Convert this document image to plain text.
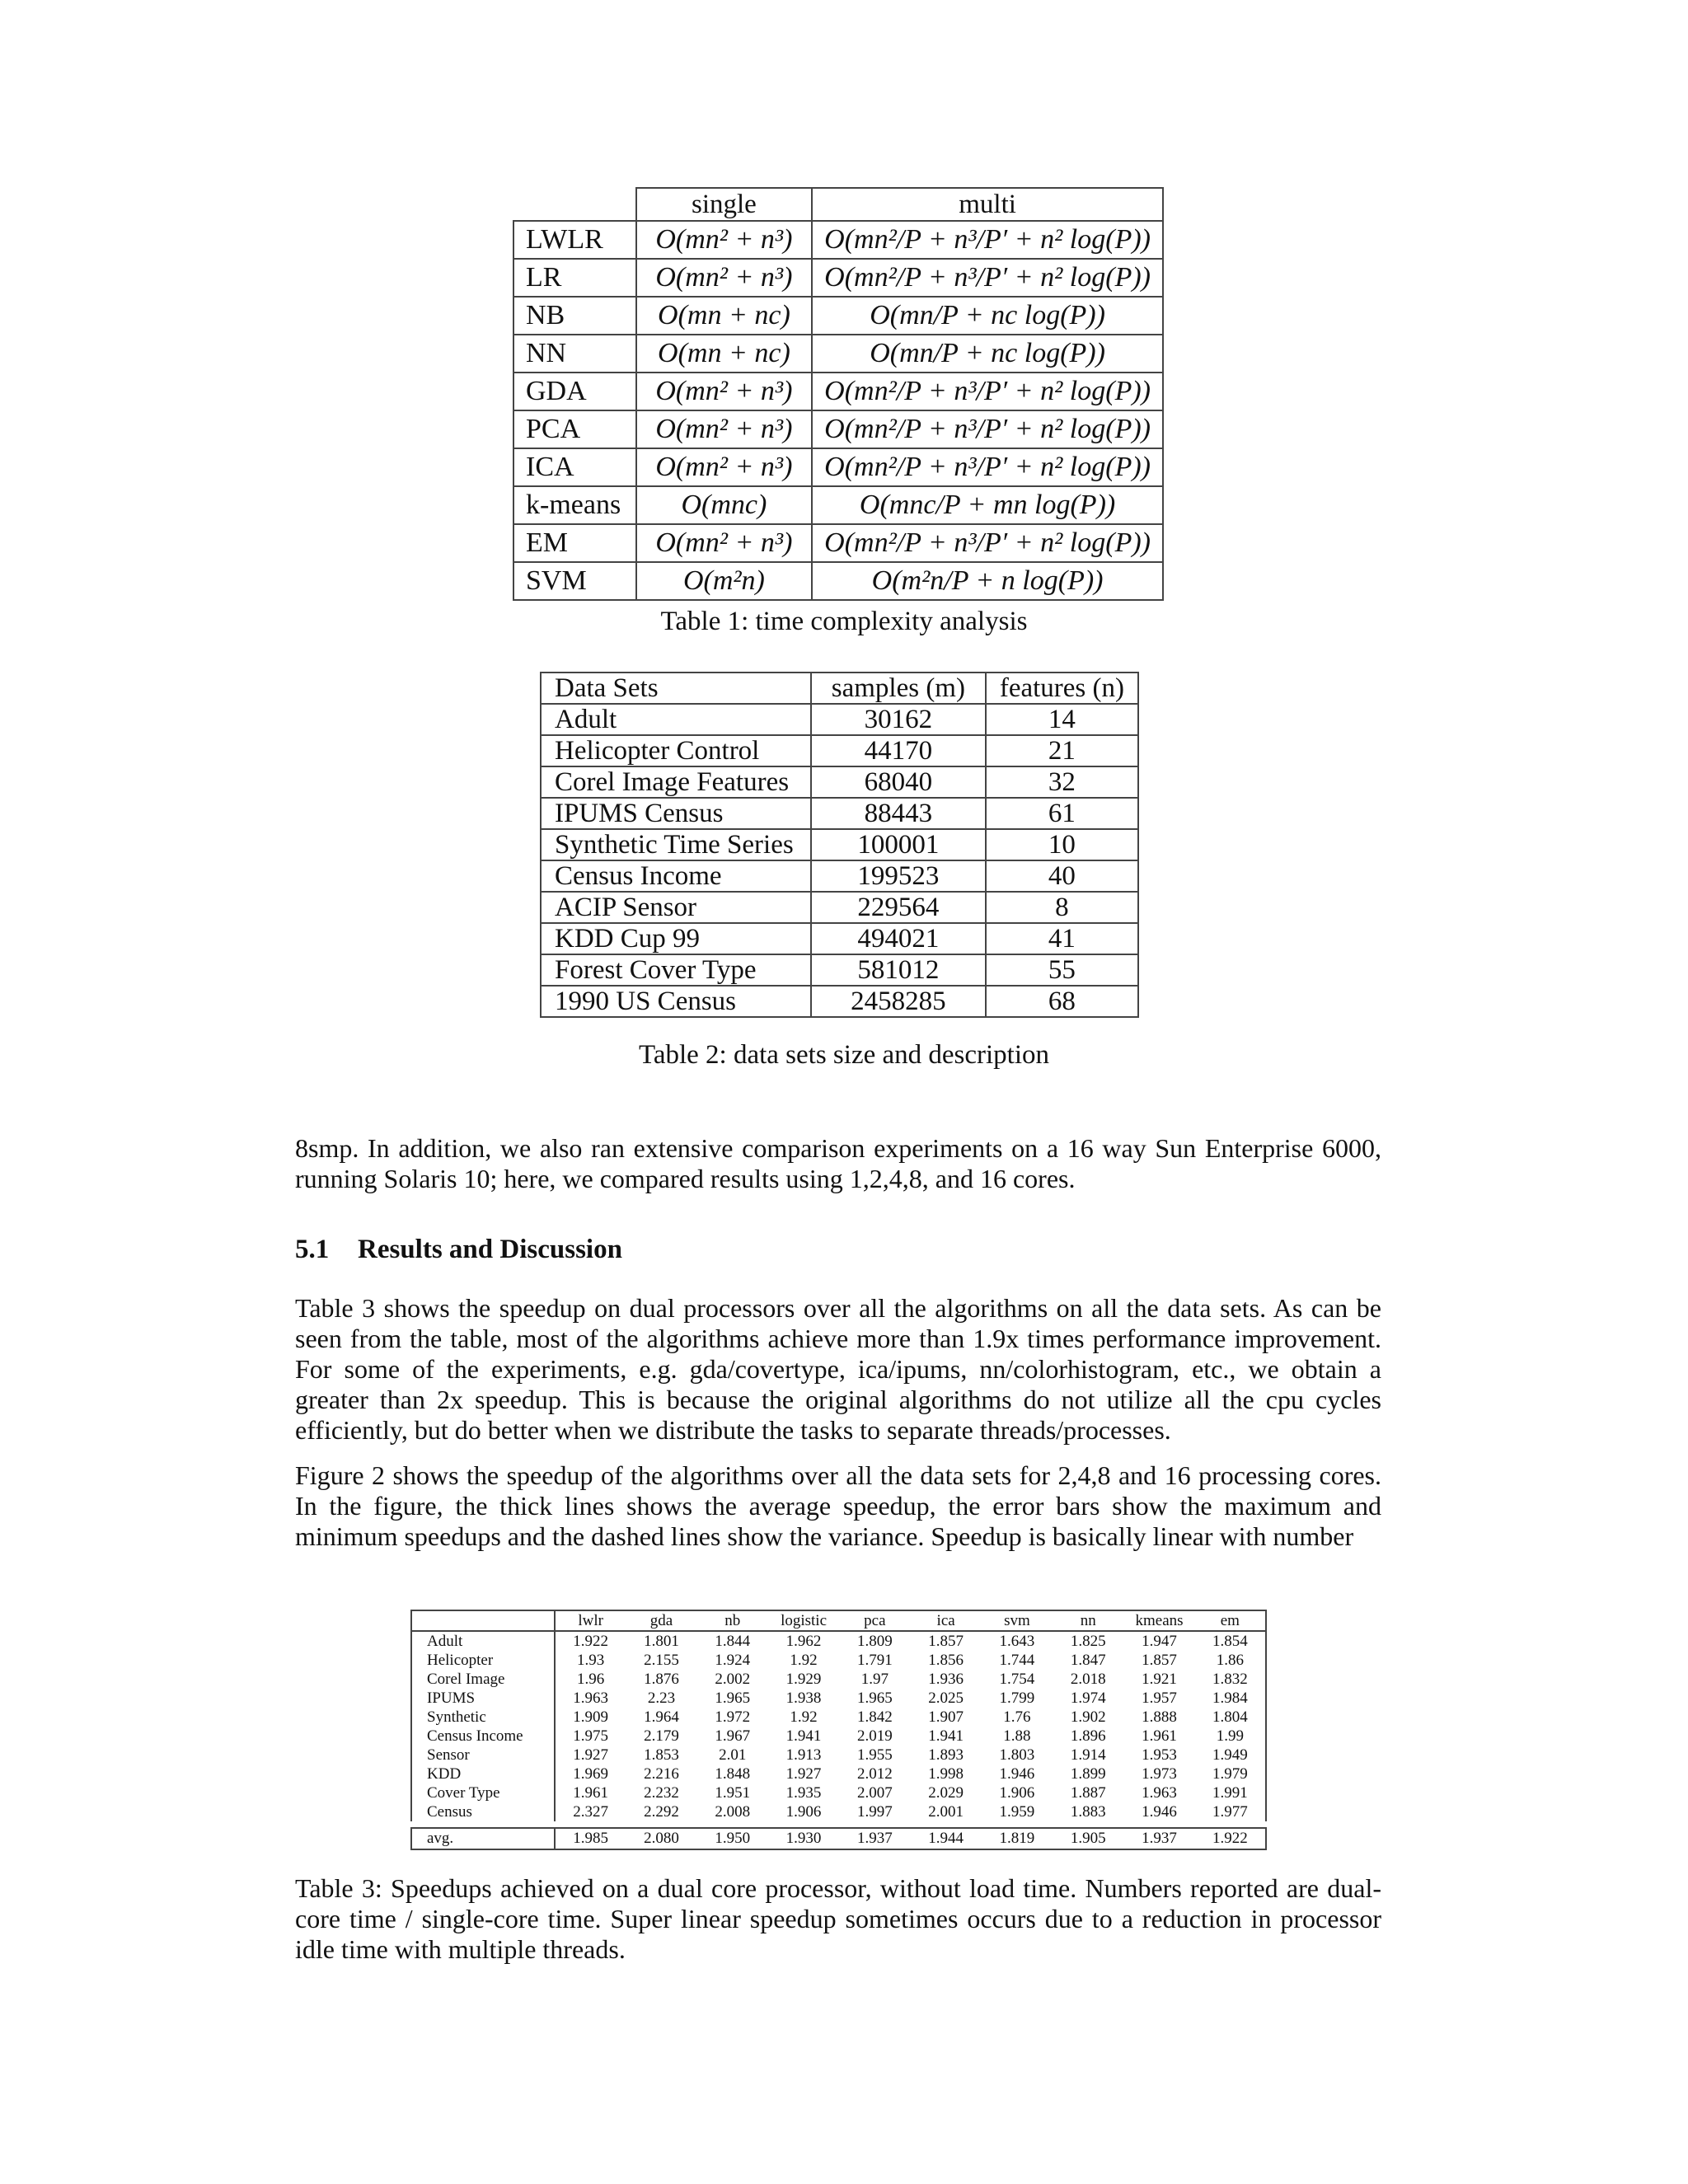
	single	multi
LWLR	O(mn² + n³)	O(mn²/P + n³/P′ + n² log(P))
LR	O(mn² + n³)	O(mn²/P + n³/P′ + n² log(P))
NB	O(mn + nc)	O(mn/P + nc log(P))
NN	O(mn + nc)	O(mn/P + nc log(P))
GDA	O(mn² + n³)	O(mn²/P + n³/P′ + n² log(P))
PCA	O(mn² + n³)	O(mn²/P + n³/P′ + n² log(P))
ICA	O(mn² + n³)	O(mn²/P + n³/P′ + n² log(P))
k-means	O(mnc)	O(mnc/P + mn log(P))
EM	O(mn² + n³)	O(mn²/P + n³/P′ + n² log(P))
SVM	O(m²n)	O(m²n/P + n log(P))
Table 1: time complexity analysis
Data Sets	samples (m)	features (n)
Adult	30162	14
Helicopter Control	44170	21
Corel Image Features	68040	32
IPUMS Census	88443	61
Synthetic Time Series	100001	10
Census Income	199523	40
ACIP Sensor	229564	8
KDD Cup 99	494021	41
Forest Cover Type	581012	55
1990 US Census	2458285	68
Table 2: data sets size and description
8smp. In addition, we also ran extensive comparison experiments on a 16 way Sun Enterprise 6000, running Solaris 10; here, we compared results using 1,2,4,8, and 16 cores.
5.1 Results and Discussion
Table 3 shows the speedup on dual processors over all the algorithms on all the data sets. As can be seen from the table, most of the algorithms achieve more than 1.9x times performance improvement. For some of the experiments, e.g. gda/covertype, ica/ipums, nn/colorhistogram, etc., we obtain a greater than 2x speedup. This is because the original algorithms do not utilize all the cpu cycles efficiently, but do better when we distribute the tasks to separate threads/processes.
Figure 2 shows the speedup of the algorithms over all the data sets for 2,4,8 and 16 processing cores. In the figure, the thick lines shows the average speedup, the error bars show the maximum and minimum speedups and the dashed lines show the variance. Speedup is basically linear with number
	lwlr	gda	nb	logistic	pca	ica	svm	nn	kmeans	em
Adult	1.922	1.801	1.844	1.962	1.809	1.857	1.643	1.825	1.947	1.854
Helicopter	1.93	2.155	1.924	1.92	1.791	1.856	1.744	1.847	1.857	1.86
Corel Image	1.96	1.876	2.002	1.929	1.97	1.936	1.754	2.018	1.921	1.832
IPUMS	1.963	2.23	1.965	1.938	1.965	2.025	1.799	1.974	1.957	1.984
Synthetic	1.909	1.964	1.972	1.92	1.842	1.907	1.76	1.902	1.888	1.804
Census Income	1.975	2.179	1.967	1.941	2.019	1.941	1.88	1.896	1.961	1.99
Sensor	1.927	1.853	2.01	1.913	1.955	1.893	1.803	1.914	1.953	1.949
KDD	1.969	2.216	1.848	1.927	2.012	1.998	1.946	1.899	1.973	1.979
Cover Type	1.961	2.232	1.951	1.935	2.007	2.029	1.906	1.887	1.963	1.991
Census	2.327	2.292	2.008	1.906	1.997	2.001	1.959	1.883	1.946	1.977

avg.	1.985	2.080	1.950	1.930	1.937	1.944	1.819	1.905	1.937	1.922
Table 3: Speedups achieved on a dual core processor, without load time. Numbers reported are dual-core time / single-core time. Super linear speedup sometimes occurs due to a reduction in processor idle time with multiple threads.
